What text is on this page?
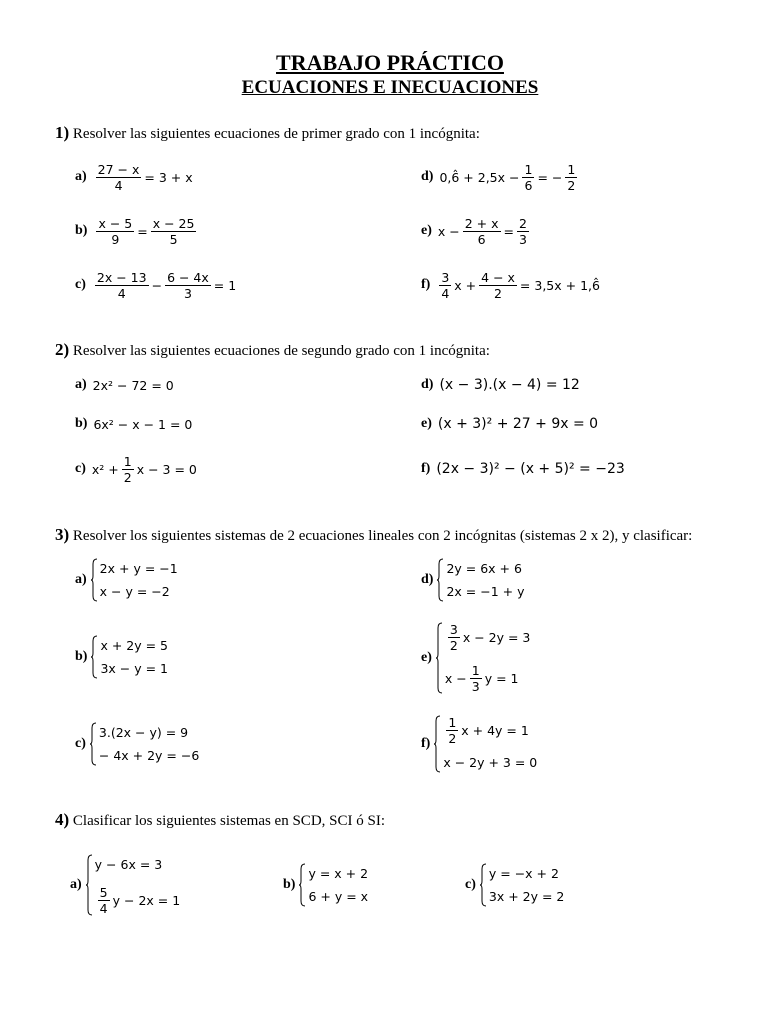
TRABAJO PRÁCTICO
ECUACIONES E INECUACIONES
1) Resolver las siguientes ecuaciones de primer grado con 1 incógnita:
$a) \frac{27 - x}{4} = 3 + x$
$b) \frac{x - 5}{9} = \frac{x - 25}{5}$
c) 2x − 13
4
− $\frac{6 - 4x}{3} = 1$
d) 0,6̂ + $2,5x - \frac{1}{6}$ = − $\frac{1}{2}$
e) $x - \frac{2 + x}{6} = \frac{2}{3}$
f) 3
4
$x + \frac{4 - x}{2} = 3,5x$ + 1,6̂
2) Resolver las siguientes ecuaciones de segundo grado con 1 incógnita:
a) 2x² − 72 = 0
b) 6x² − x − 1 = 0
c) $x^2 + \frac{1}{2}$ x − 3 = 0
d) (x − 3).(x − 4) = 12
e) (x + 3)² + 27 + 9x = 0
f) (2x − 3)² − (x + 5)² = −23
3) Resolver los siguientes sistemas de 2 ecuaciones lineales con 2 incógnitas (sistemas 2 x 2), y clasificar:
a)
2x + y = −1
x − y = −2
b)
x + 2y = 5
3x − y = 1
c)
3.(2x − y) = 9
− 4x + 2y = −6
d)
2y = 6x + 6
2x = −1 + y
e)
3
2
x − 2y = 3
$x - \frac{1}{3}$ y = 1
f)
1
2
x + 4y = 1
x − 2y + 3 = 0
4) Clasificar los siguientes sistemas en SCD, SCI ó SI:
a)
y − 6x = 3
5
4
y − 2x = 1
b)
y = x + 2
6 + y = x
c)
y = −x + 2
3x + 2y = 2
